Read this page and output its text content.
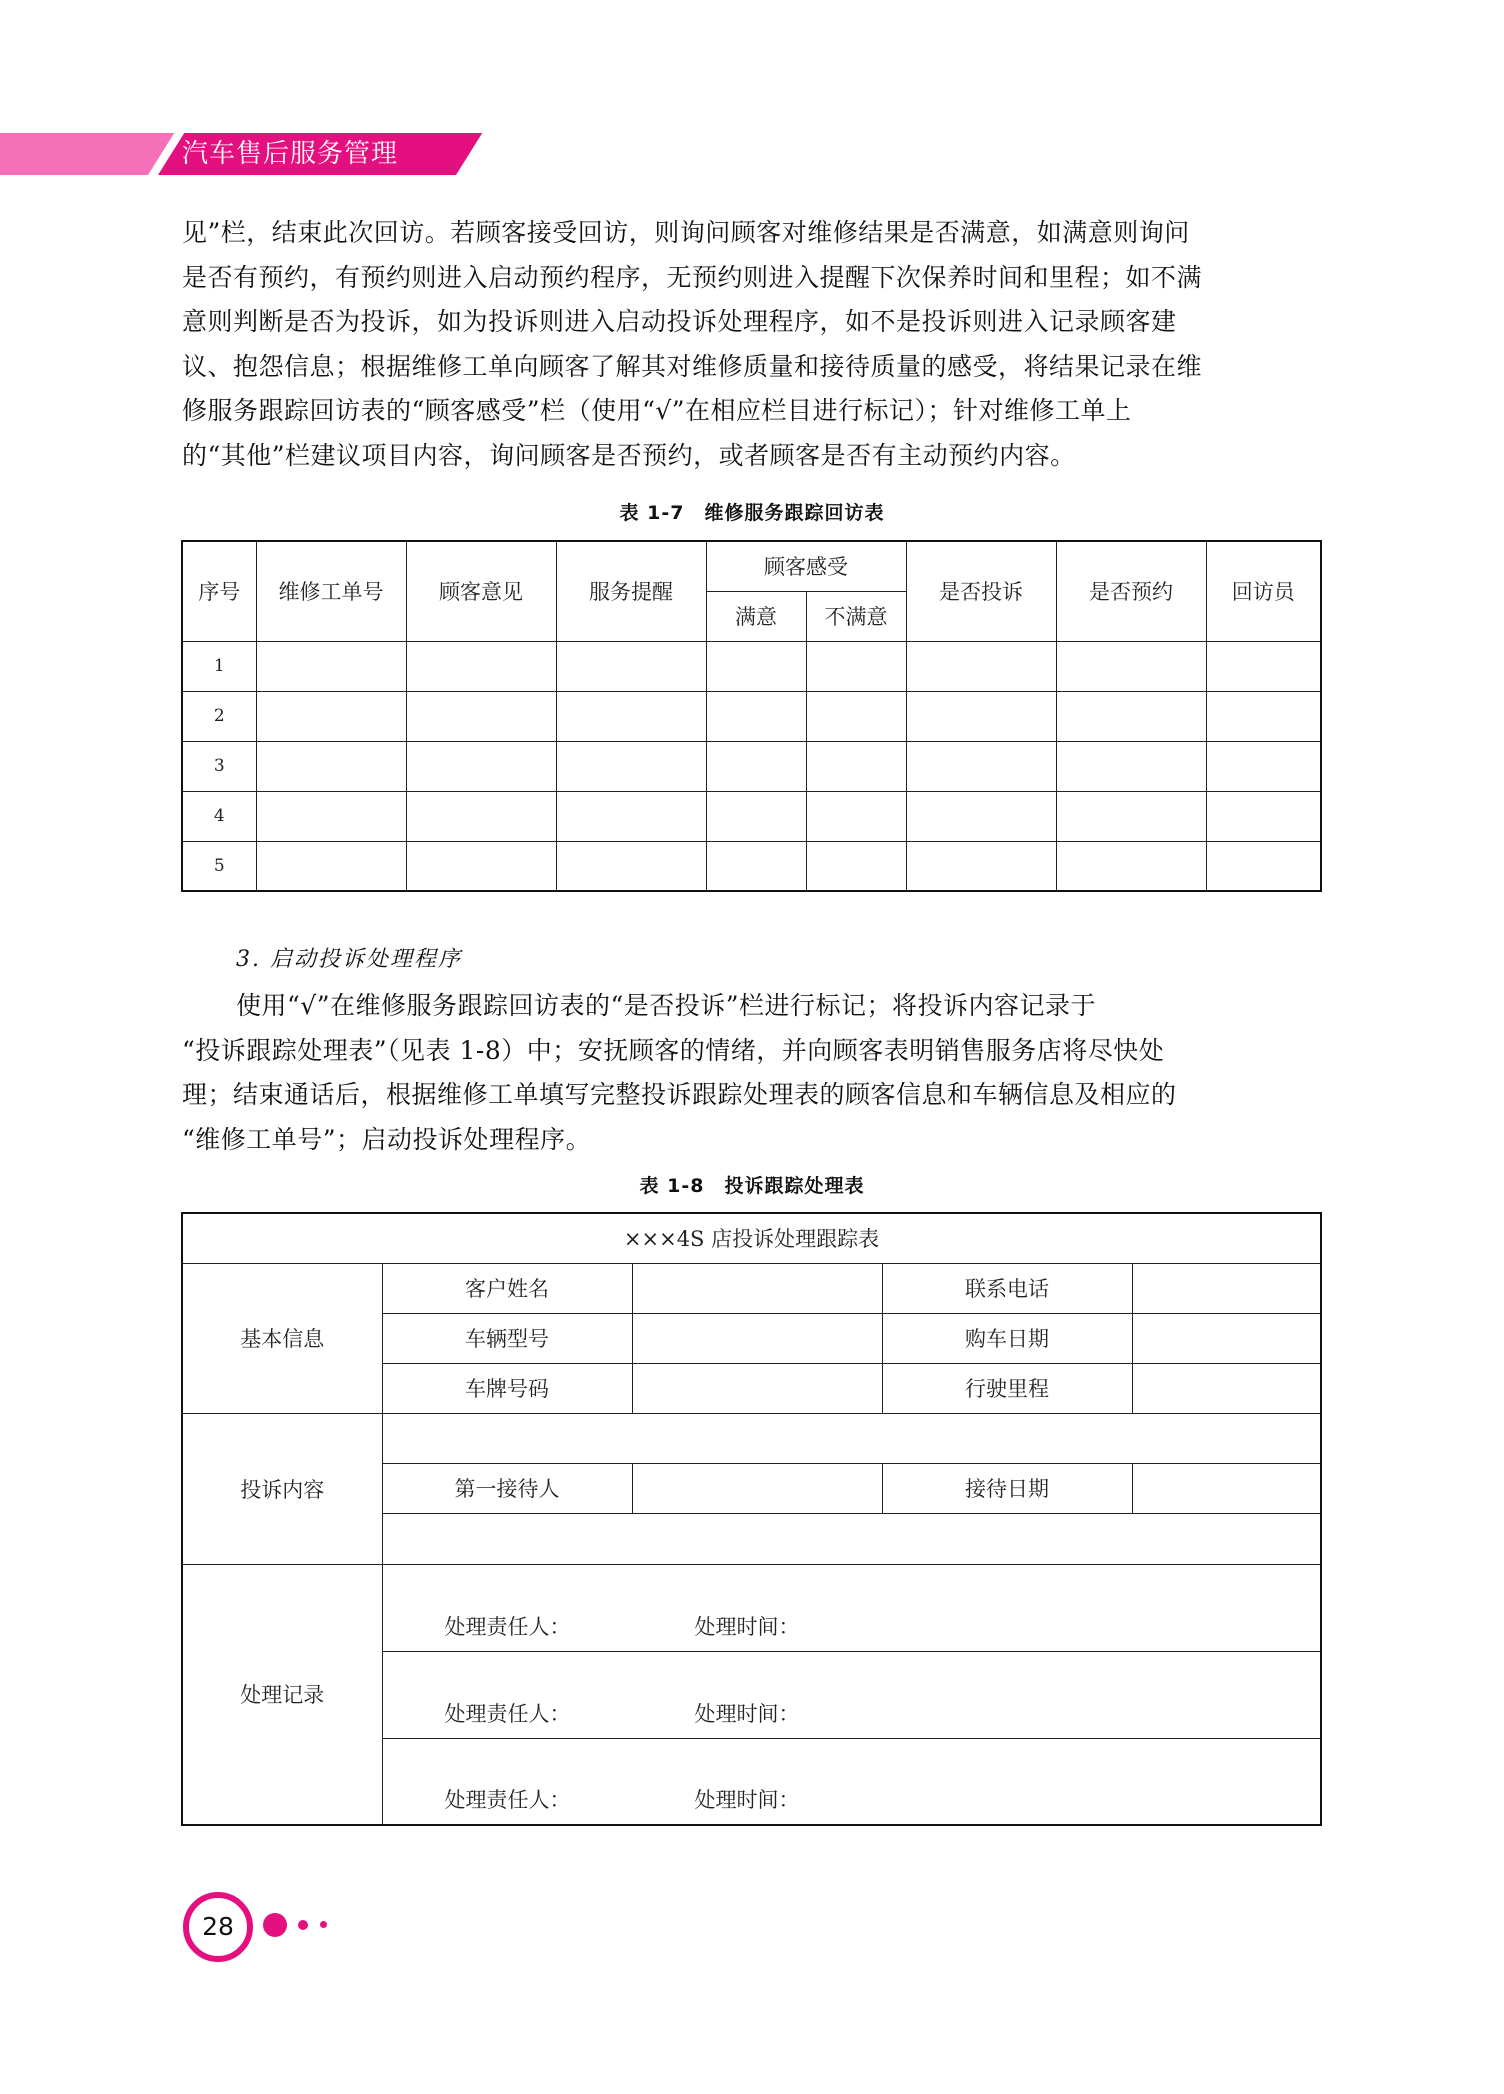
汽车售后服务管理

见”栏，结束此次回访。若顾客接受回访，则询问顾客对维修结果是否满意，如满意则询问
是否有预约，有预约则进入启动预约程序，无预约则进入提醒下次保养时间和里程；如不满
意则判断是否为投诉，如为投诉则进入启动投诉处理程序，如不是投诉则进入记录顾客建
议、抱怨信息；根据维修工单向顾客了解其对维修质量和接待质量的感受，将结果记录在维
修服务跟踪回访表的“顾客感受”栏（使用“√”在相应栏目进行标记）；针对维修工单上
的“其他”栏建议项目内容，询问顾客是否预约，或者顾客是否有主动预约内容。

表 1-7　维修服务跟踪回访表
序号	维修工单号	顾客意见	服务提醒	顾客感受		是否投诉	是否预约	回访员
				满意	不满意			
1								
2								
3								
4								
5								
3. 启动投诉处理程序

使用“√”在维修服务跟踪回访表的“是否投诉”栏进行标记；将投诉内容记录于
“投诉跟踪处理表”（见表 1-8）中；安抚顾客的情绪，并向顾客表明销售服务店将尽快处
理；结束通话后，根据维修工单填写完整投诉跟踪处理表的顾客信息和车辆信息及相应的
“维修工单号”；启动投诉处理程序。

表 1-8　投诉跟踪处理表
×××4S 店投诉处理跟踪表				
基本信息	客户姓名		联系电话	
	车辆型号		购车日期	
	车牌号码		行驶里程	
投诉内容				
	第一接待人		接待日期	

处理记录	处理责任人： 处理时间：			
	处理责任人： 处理时间：			
	处理责任人： 处理时间：			
28
